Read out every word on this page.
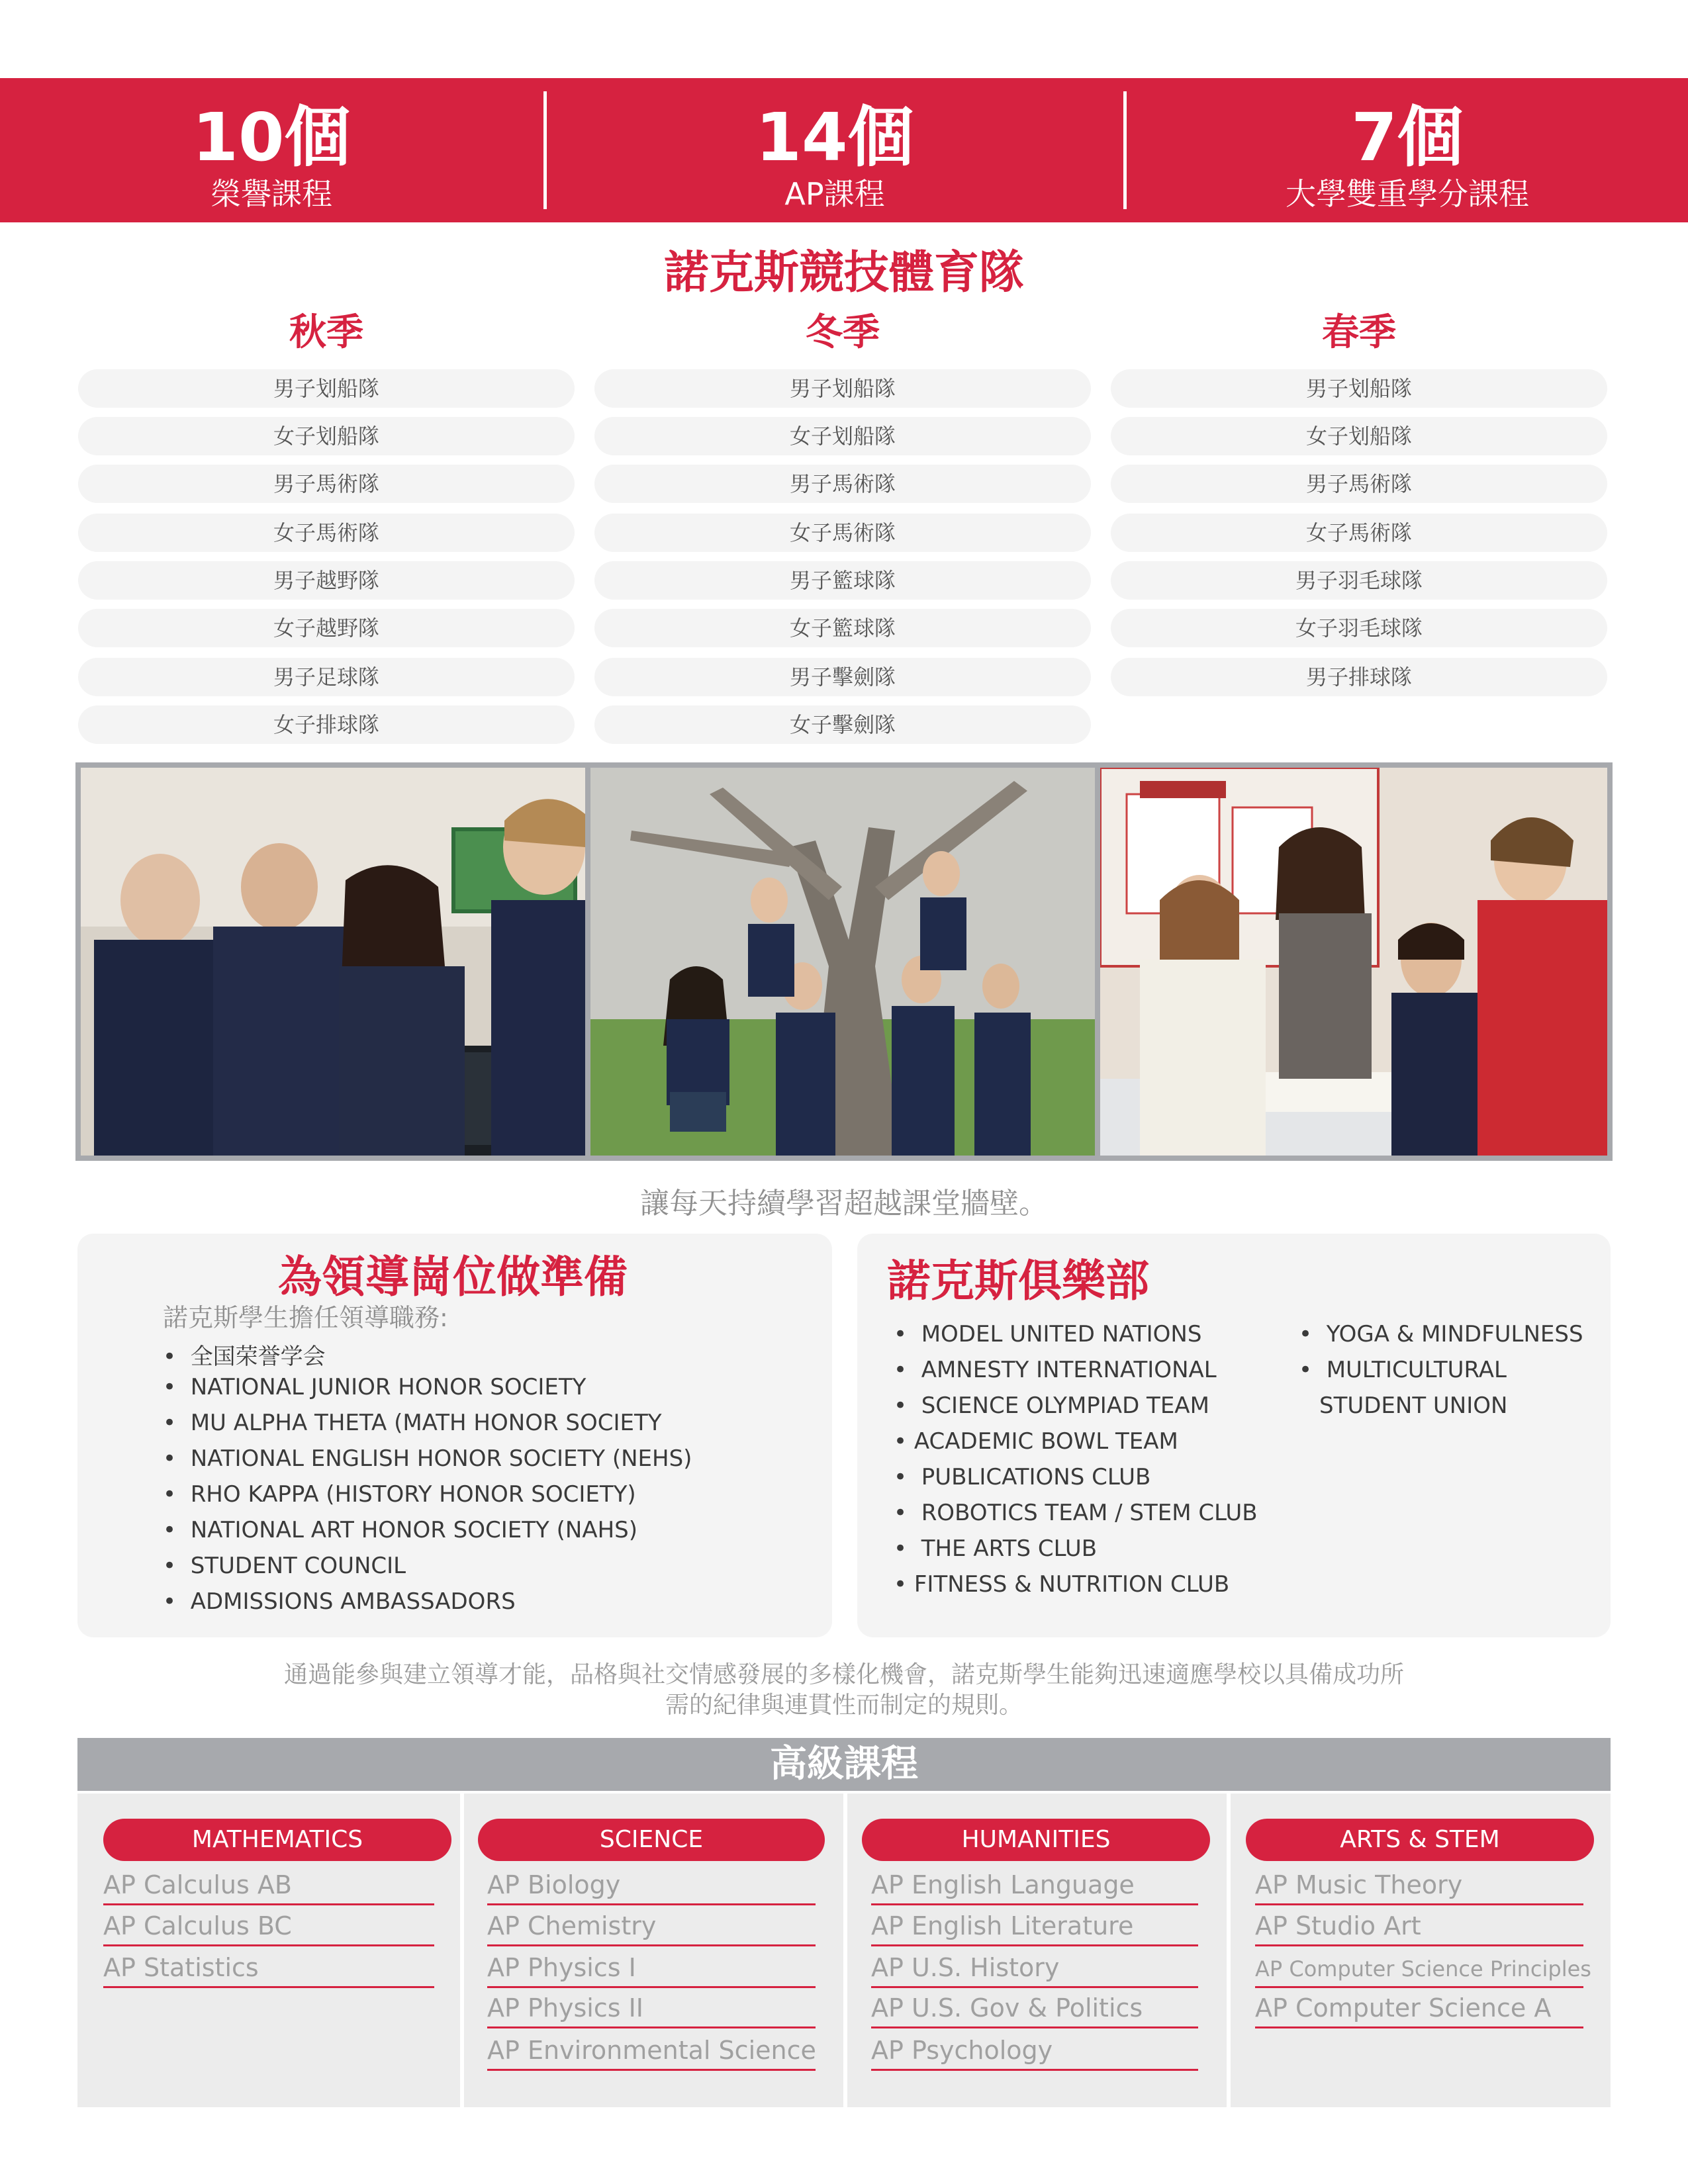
10個
榮譽課程
14個
AP課程
7個
大學雙重學分課程
諾克斯競技體育隊
秋季	冬季	春季
男子划船隊
女子划船隊
男子馬術隊
女子馬術隊
男子越野隊
女子越野隊
男子足球隊
女子排球隊
男子划船隊
女子划船隊
男子馬術隊
女子馬術隊
男子籃球隊
女子籃球隊
男子擊劍隊
女子擊劍隊
男子划船隊
女子划船隊
男子馬術隊
女子馬術隊
男子羽毛球隊
女子羽毛球隊
男子排球隊
讓每天持續學習超越課堂牆壁。
為領導崗位做準備
諾克斯學生擔任領導職務:
• 全国荣誉学会
• NATIONAL JUNIOR HONOR SOCIETY
• MU ALPHA THETA (MATH HONOR SOCIETY
• NATIONAL ENGLISH HONOR SOCIETY (NEHS)
• RHO KAPPA (HISTORY HONOR SOCIETY)
• NATIONAL ART HONOR SOCIETY (NAHS)
• STUDENT COUNCIL
• ADMISSIONS AMBASSADORS
諾克斯俱樂部
• MODEL UNITED NATIONS
• AMNESTY INTERNATIONAL
• SCIENCE OLYMPIAD TEAM
• ACADEMIC BOWL TEAM
• PUBLICATIONS CLUB
• ROBOTICS TEAM / STEM CLUB
• THE ARTS CLUB
• FITNESS & NUTRITION CLUB
• YOGA & MINDFULNESS
• MULTICULTURAL
STUDENT UNION
通過能參與建立領導才能，品格與社交情感發展的多樣化機會，諾克斯學生能夠迅速適應學校以具備成功所
需的紀律與連貫性而制定的規則。
高級課程
MATHEMATICS
AP Calculus AB
AP Calculus BC
AP Statistics
SCIENCE
AP Biology
AP Chemistry
AP Physics I
AP Physics II
AP Environmental Science
HUMANITIES
AP English Language
AP English Literature
AP U.S. History
AP U.S. Gov & Politics
AP Psychology
ARTS & STEM
AP Music Theory
AP Studio Art
AP Computer Science Principles
AP Computer Science A
